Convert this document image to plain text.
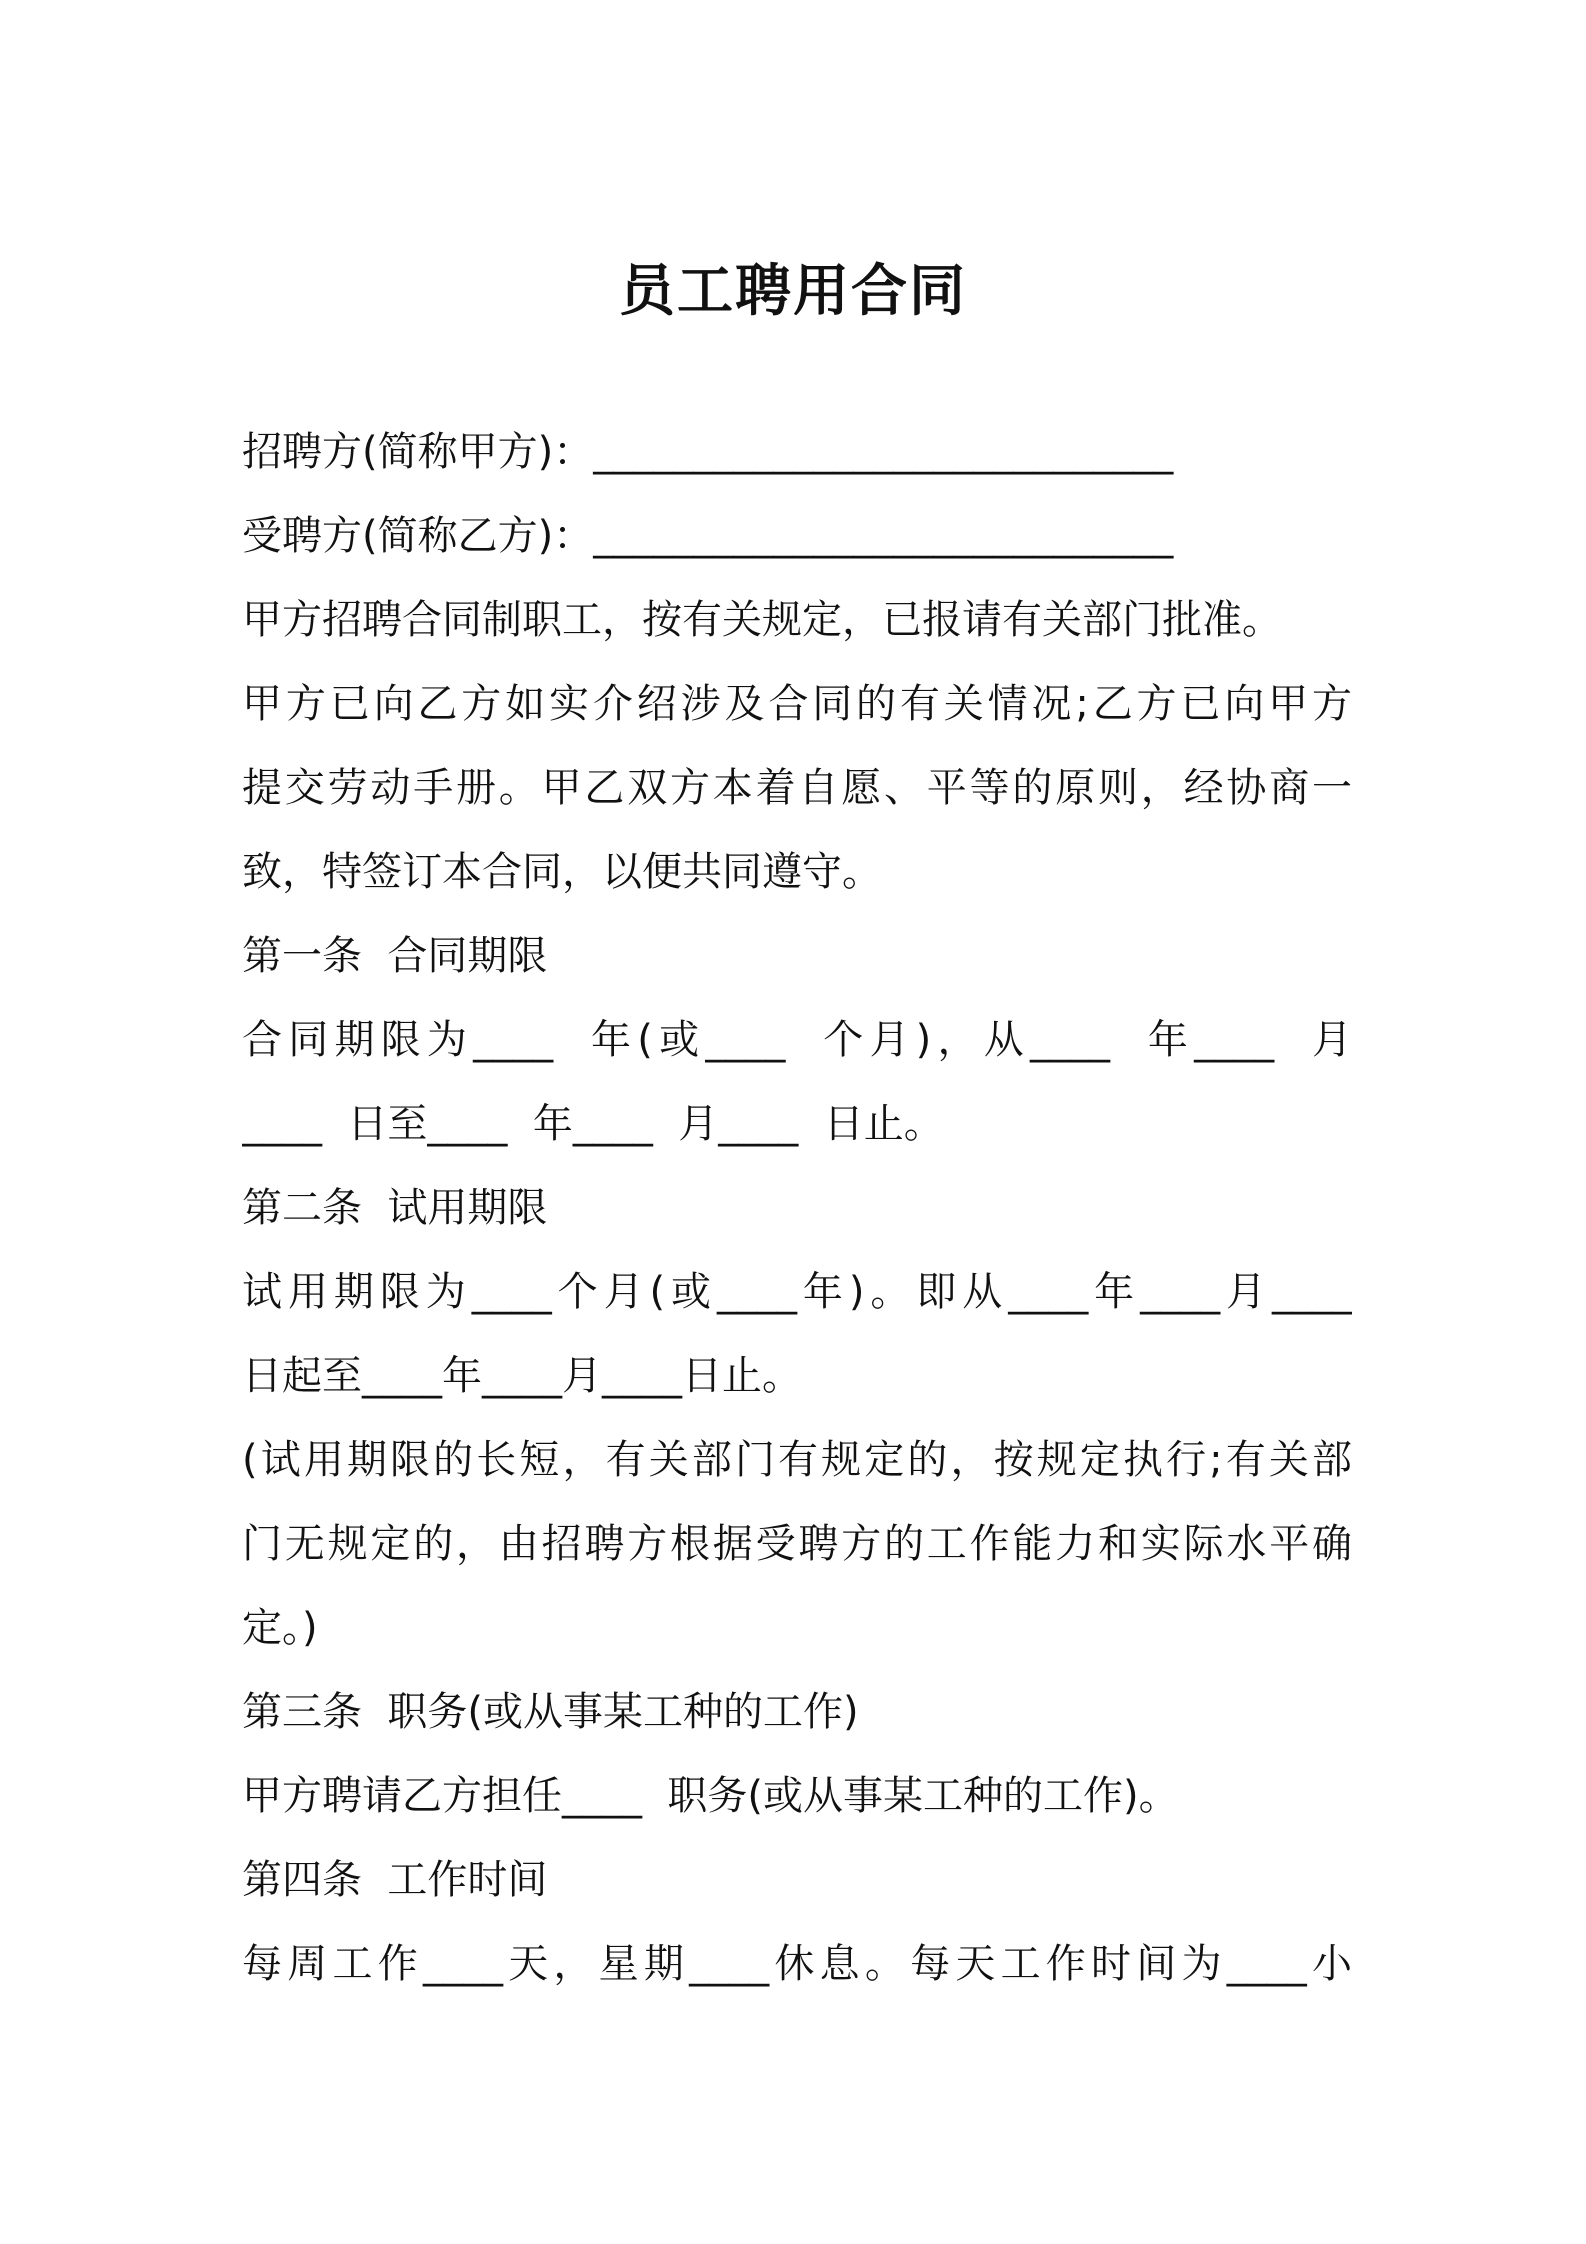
员工聘用合同
招聘方(简称甲方)：_____________________________
受聘方(简称乙方)：_____________________________
甲方招聘合同制职工，按有关规定，已报请有关部门批准。
甲方已向乙方如实介绍涉及合同的有关情况;乙方已向甲方
提交劳动手册。甲乙双方本着自愿、平等的原则，经协商一
致，特签订本合同，以便共同遵守。
第一条  合同期限
合同期限为____  年(或____  个月)，从____  年____  月
____  日至____  年____  月____  日止。
第二条  试用期限
试用期限为____个月(或____年)。即从____年____月____
日起至____年____月____日止。
(试用期限的长短，有关部门有规定的，按规定执行;有关部
门无规定的，由招聘方根据受聘方的工作能力和实际水平确
定。)
第三条  职务(或从事某工种的工作)
甲方聘请乙方担任____  职务(或从事某工种的工作)。
第四条  工作时间
每周工作____天，星期____休息。每天工作时间为____小
